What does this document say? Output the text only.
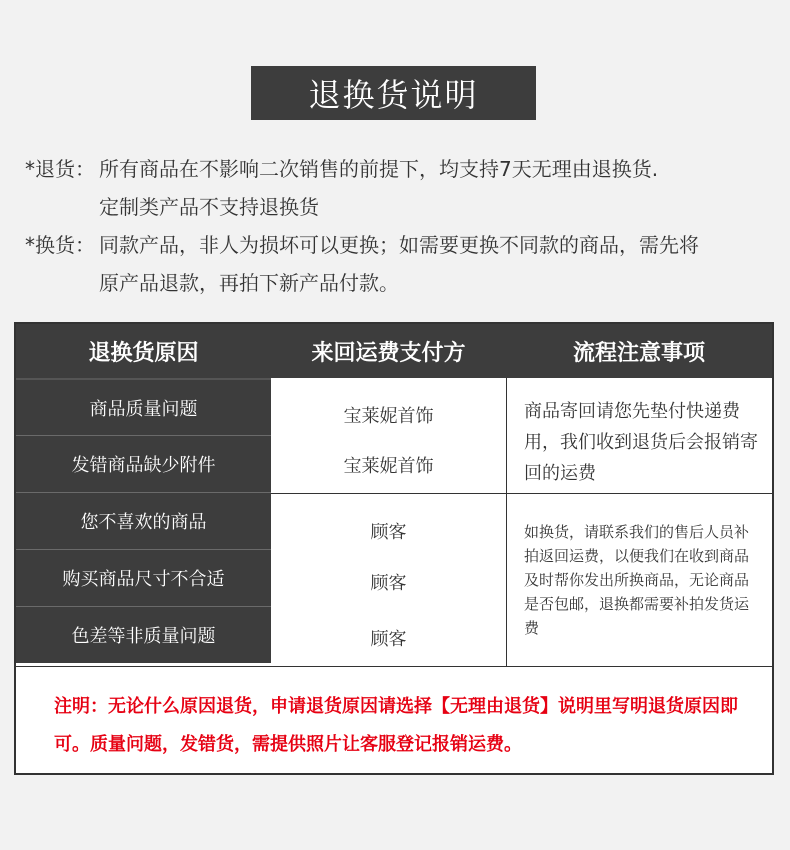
退换货说明
*退货： 所有商品在不影响二次销售的前提下，均支持7天无理由退换货.
定制类产品不支持退换货
*换货： 同款产品，非人为损坏可以更换；如需要更换不同款的商品，需先将
原产品退款，再拍下新产品付款。
退换货原因	来回运费支付方	流程注意事项
商品质量问题
发错商品缺少附件
您不喜欢的商品
购买商品尺寸不合适
色差等非质量问题
宝莱妮首饰
宝莱妮首饰
顾客
顾客
顾客
商品寄回请您先垫付快递费用，我们收到退货后会报销寄回的运费
如换货，请联系我们的售后人员补拍返回运费，以便我们在收到商品及时帮你发出所换商品，无论商品是否包邮，退换都需要补拍发货运费
注明：无论什么原因退货，申请退货原因请选择【无理由退货】说明里写明退货原因即可。质量问题，发错货，需提供照片让客服登记报销运费。
